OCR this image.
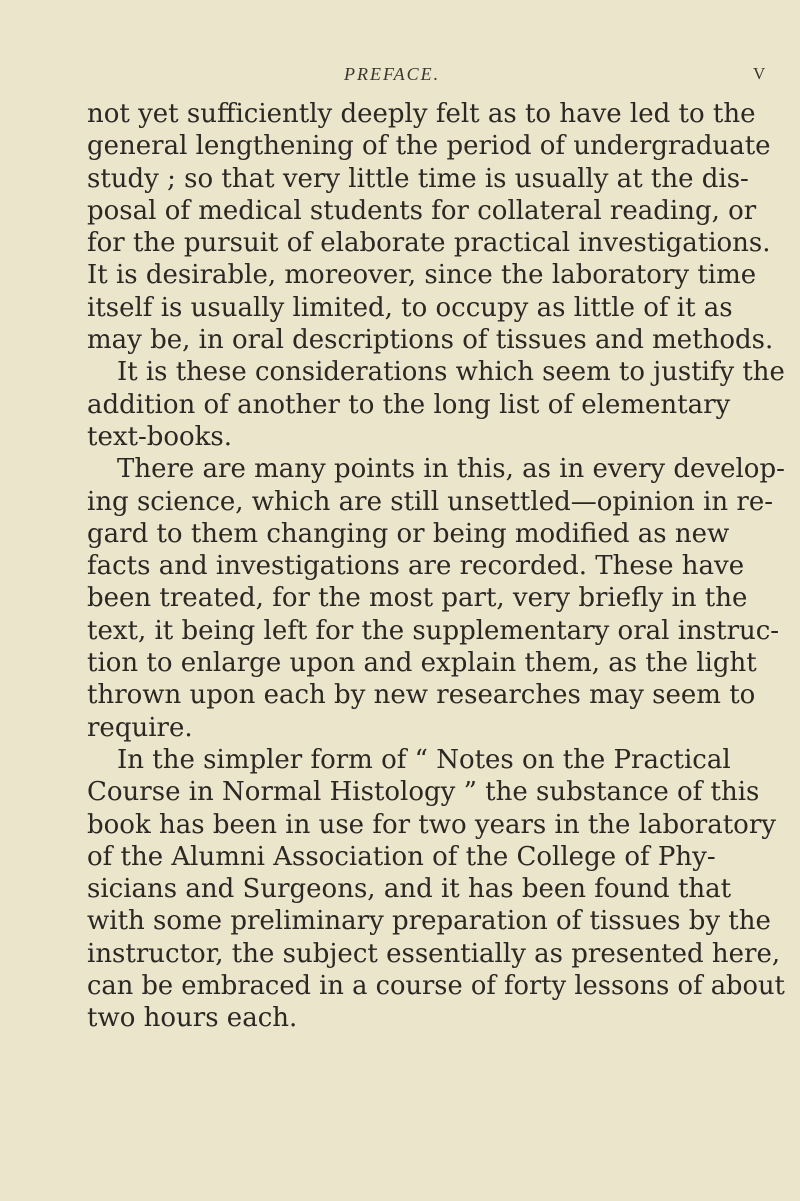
PREFACE.	V
not yet sufficiently deeply felt as to have led to the
general lengthening of the period of undergraduate
study ; so that very little time is usually at the dis-
posal of medical students for collateral reading, or
for the pursuit of elaborate practical investigations.
It is desirable, moreover, since the laboratory time
itself is usually limited, to occupy as little of it as
may be, in oral descriptions of tissues and methods.
It is these considerations which seem to justify the
addition of another to the long list of elementary
text-books.
There are many points in this, as in every develop-
ing science, which are still unsettled—opinion in re-
gard to them changing or being modified as new
facts and investigations are recorded. These have
been treated, for the most part, very briefly in the
text, it being left for the supplementary oral instruc-
tion to enlarge upon and explain them, as the light
thrown upon each by new researches may seem to
require.
In the simpler form of “ Notes on the Practical
Course in Normal Histology ” the substance of this
book has been in use for two years in the laboratory
of the Alumni Association of the College of Phy-
sicians and Surgeons, and it has been found that
with some preliminary preparation of tissues by the
instructor, the subject essentially as presented here,
can be embraced in a course of forty lessons of about
two hours each.
